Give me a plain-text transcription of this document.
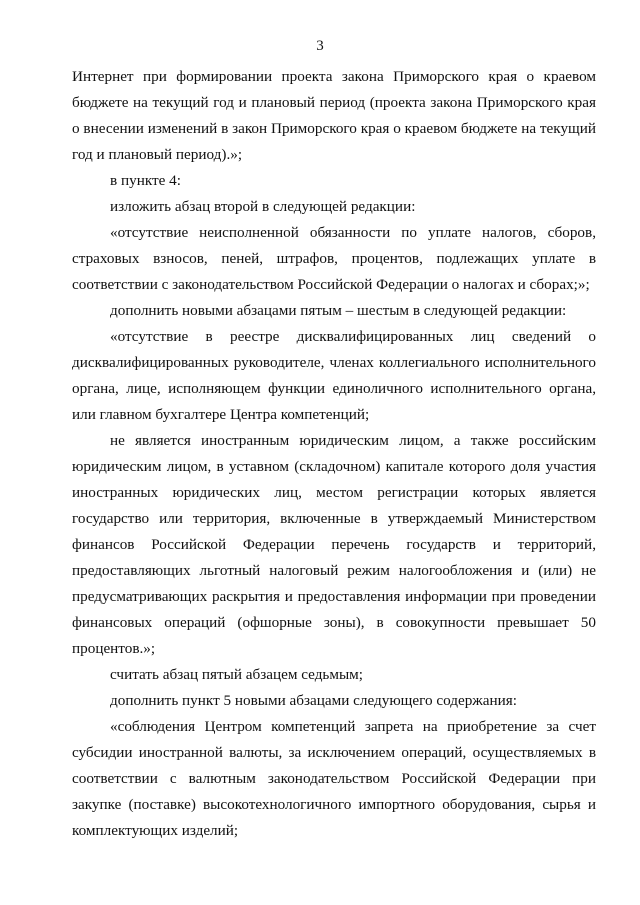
3

Интернет при формировании проекта закона Приморского края о краевом бюджете на текущий год и плановый период (проекта закона Приморского края о внесении изменений в закон Приморского края о краевом бюджете на текущий год и плановый период).»;

в пункте 4:

изложить абзац второй в следующей редакции:

«отсутствие неисполненной обязанности по уплате налогов, сборов, страховых взносов, пеней, штрафов, процентов, подлежащих уплате в соответствии с законодательством Российской Федерации о налогах и сборах;»;

дополнить новыми абзацами пятым – шестым в следующей редакции:

«отсутствие в реестре дисквалифицированных лиц сведений о дисквалифицированных руководителе, членах коллегиального исполнительного органа, лице, исполняющем функции единоличного исполнительного органа, или главном бухгалтере Центра компетенций;

не является иностранным юридическим лицом, а также российским юридическим лицом, в уставном (складочном) капитале которого доля участия иностранных юридических лиц, местом регистрации которых является государство или территория, включенные в утверждаемый Министерством финансов Российской Федерации перечень государств и территорий, предоставляющих льготный налоговый режим налогообложения и (или) не предусматривающих раскрытия и предоставления информации при проведении финансовых операций (офшорные зоны), в совокупности превышает 50 процентов.»;

считать абзац пятый абзацем седьмым;

дополнить пункт 5 новыми абзацами следующего содержания:

«соблюдения Центром компетенций запрета на приобретение за счет субсидии иностранной валюты, за исключением операций, осуществляемых в соответствии с валютным законодательством Российской Федерации при закупке (поставке) высокотехнологичного импортного оборудования, сырья и комплектующих изделий;
